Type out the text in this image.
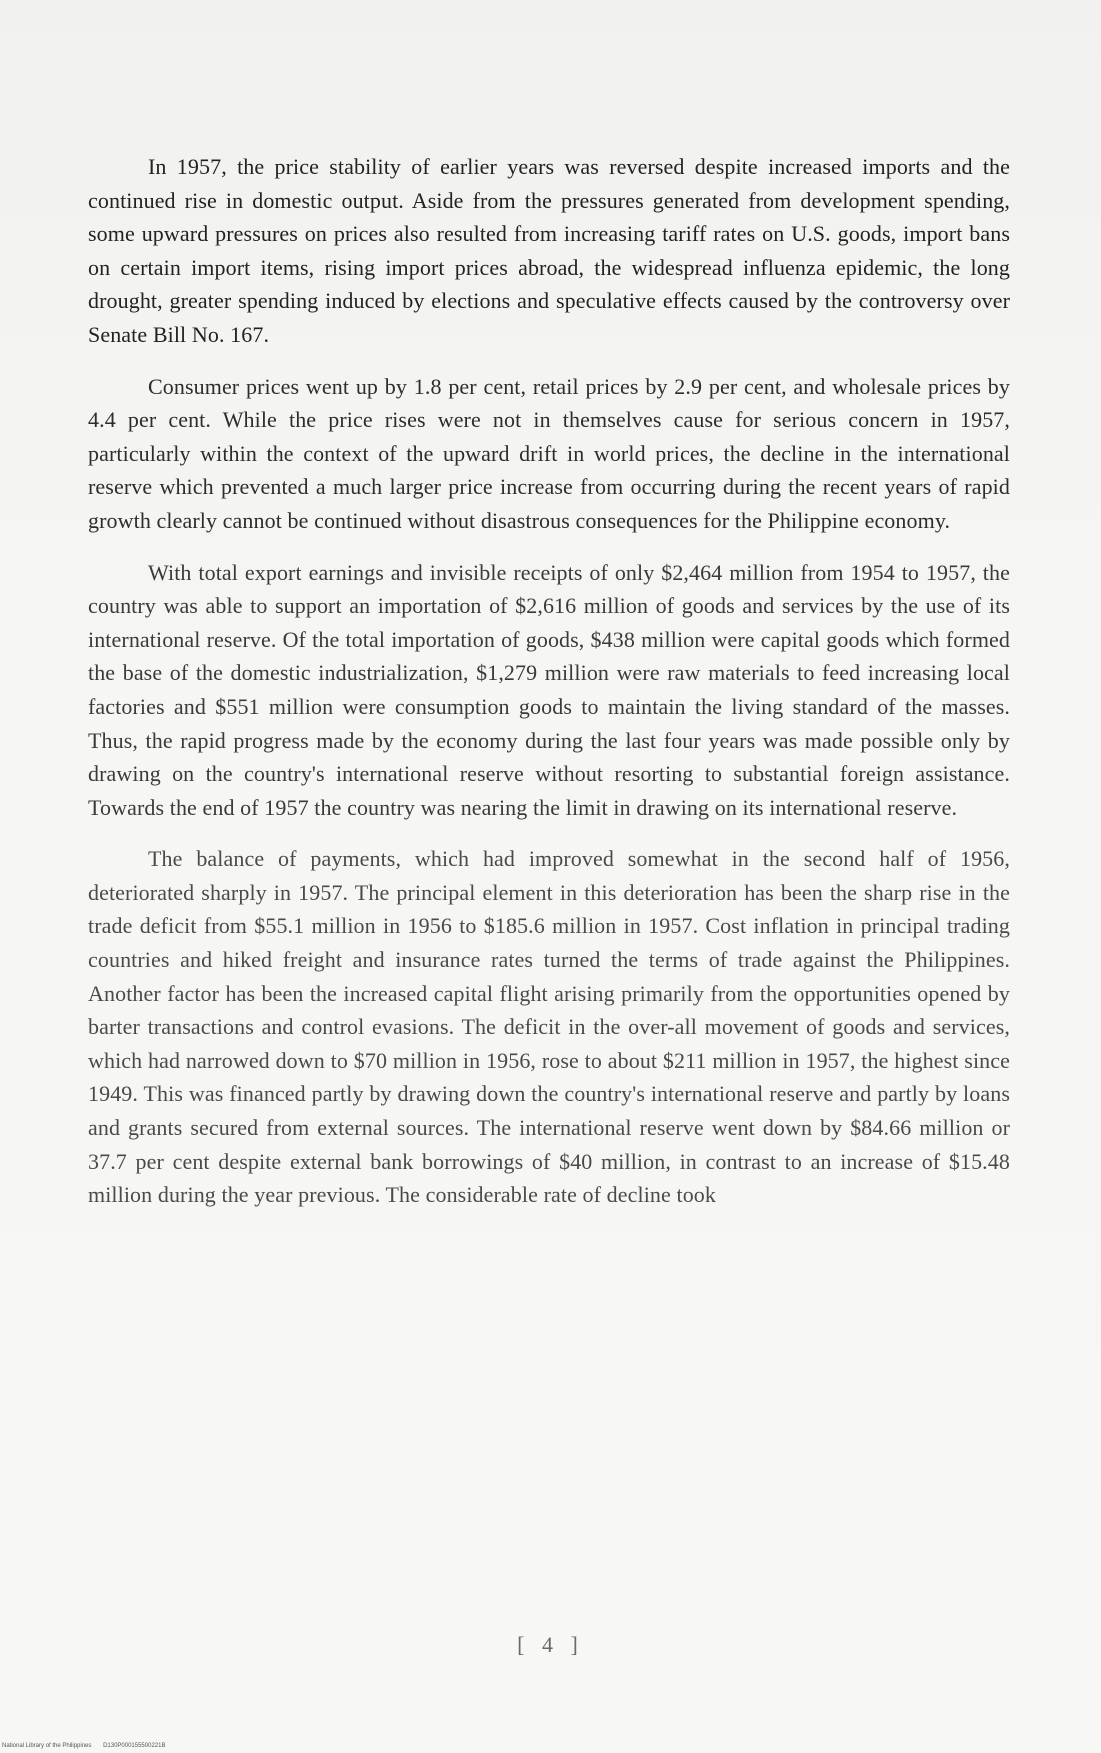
In 1957, the price stability of earlier years was reversed despite increased imports and the continued rise in domestic output. Aside from the pressures generated from development spending, some upward pressures on prices also resulted from increasing tariff rates on U.S. goods, import bans on certain import items, rising import prices abroad, the widespread influenza epidemic, the long drought, greater spending induced by elections and speculative effects caused by the controversy over Senate Bill No. 167.

Consumer prices went up by 1.8 per cent, retail prices by 2.9 per cent, and wholesale prices by 4.4 per cent. While the price rises were not in themselves cause for serious concern in 1957, particularly within the context of the upward drift in world prices, the decline in the international reserve which prevented a much larger price increase from occurring during the recent years of rapid growth clearly cannot be continued without disastrous consequences for the Philippine economy.

With total export earnings and invisible receipts of only $2,464 million from 1954 to 1957, the country was able to support an importation of $2,616 million of goods and services by the use of its international reserve. Of the total importation of goods, $438 million were capital goods which formed the base of the domestic industrialization, $1,279 million were raw materials to feed increasing local factories and $551 million were consumption goods to maintain the living standard of the masses. Thus, the rapid progress made by the economy during the last four years was made possible only by drawing on the country's international reserve without resorting to substantial foreign assistance. Towards the end of 1957 the country was nearing the limit in drawing on its international reserve.

The balance of payments, which had improved somewhat in the second half of 1956, deteriorated sharply in 1957. The principal element in this deterioration has been the sharp rise in the trade deficit from $55.1 million in 1956 to $185.6 million in 1957. Cost inflation in principal trading countries and hiked freight and insurance rates turned the terms of trade against the Philippines. Another factor has been the increased capital flight arising primarily from the opportunities opened by barter transactions and control evasions. The deficit in the over-all movement of goods and services, which had narrowed down to $70 million in 1956, rose to about $211 million in 1957, the highest since 1949. This was financed partly by drawing down the country's international reserve and partly by loans and grants secured from external sources. The international reserve went down by $84.66 million or 37.7 per cent despite external bank borrowings of $40 million, in contrast to an increase of $15.48 million during the year previous. The considerable rate of decline took

[ 4 ]
National Library of the Philippines D130P000155500221B
